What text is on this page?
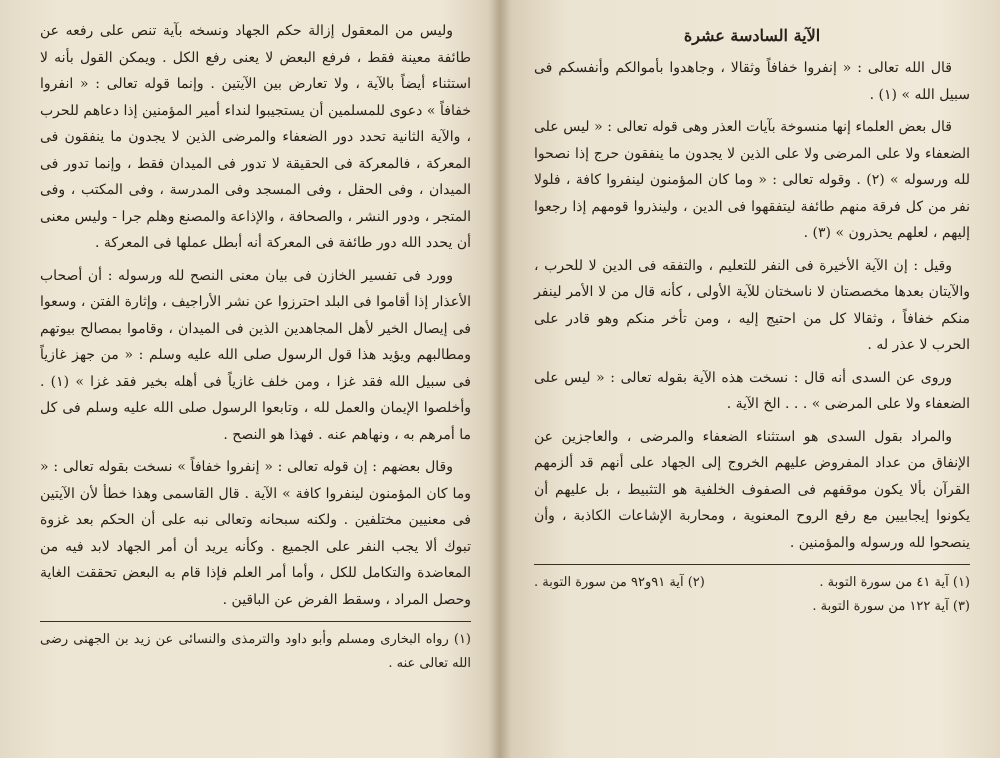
وليس من المعقول إزالة حكم الجهاد ونسخه بآية تنص على رفعه عن طائفة معينة فقط ، فرفع البعض لا يعنى رفع الكل . ويمكن القول بأنه لا استثناء أيضاً بالآية ، ولا تعارض بين الآيتين . وإنما قوله تعالى : « انفروا خفافاً » دعوى للمسلمين أن يستجيبوا لنداء أمير المؤمنين إذا دعاهم للحرب ، والآية الثانية تحدد دور الضعفاء والمرضى الذين لا يجدون ما ينفقون فى المعركة ، فالمعركة فى الحقيقة لا تدور فى الميدان فقط ، وإنما تدور فى الميدان ، وفى الحقل ، وفى المسجد وفى المدرسة ، وفى المكتب ، وفى المتجر ، ودور النشر ، والصحافة ، والإذاعة والمصنع وهلم جرا - وليس معنى أن يحدد الله دور طائفة فى المعركة أنه أبطل عملها فى المعركة .

وورد فى تفسير الخازن فى بيان معنى النصح لله ورسوله : أن أصحاب الأعذار إذا أقاموا فى البلد احترزوا عن نشر الأراجيف ، وإثارة الفتن ، وسعوا فى إيصال الخير لأهل المجاهدين الذين فى الميدان ، وقاموا بمصالح بيوتهم ومطالبهم ويؤيد هذا قول الرسول صلى الله عليه وسلم : « من جهز غازياً فى سبيل الله فقد غزا ، ومن خلف غازياً فى أهله بخير فقد غزا » (١) . وأخلصوا الإيمان والعمل لله ، وتابعوا الرسول صلى الله عليه وسلم فى كل ما أمرهم به ، ونهاهم عنه . فهذا هو النصح .

وقال بعضهم : إن قوله تعالى : « إنفروا خفافاً » نسخت بقوله تعالى : « وما كان المؤمنون لينفروا كافة » الآية . قال القاسمى وهذا خطأ لأن الآيتين فى معنيين مختلفين . ولكنه سبحانه وتعالى نبه على أن الحكم بعد غزوة تبوك ألا يجب النفر على الجميع . وكأنه يريد أن أمر الجهاد لابد فيه من المعاضدة والتكامل للكل ، وأما أمر العلم فإذا قام به البعض تحققت الغاية وحصل المراد ، وسقط الفرض عن الباقين .

(١) رواه البخارى ومسلم وأبو داود والترمذى والنسائى عن زيد بن الجهنى رضى الله تعالى عنه .

الآية السادسة عشرة

قال الله تعالى : « إنفروا خفافاً وثقالا ، وجاهدوا بأموالكم وأنفسكم فى سبيل الله » (١) .

قال بعض العلماء إنها منسوخة بآيات العذر وهى قوله تعالى : « ليس على الضعفاء ولا على المرضى ولا على الذين لا يجدون ما ينفقون حرج إذا نصحوا لله ورسوله » (٢) . وقوله تعالى : « وما كان المؤمنون لينفروا كافة ، فلولا نفر من كل فرقة منهم طائفة ليتفقهوا فى الدين ، ولينذروا قومهم إذا رجعوا إليهم ، لعلهم يحذرون » (٣) .

وقيل : إن الآية الأخيرة فى النفر للتعليم ، والتفقه فى الدين لا للحرب ، والآيتان بعدها مخصصتان لا ناسختان للآية الأولى ، كأنه قال من لا الأمر لينفر منكم خفافاً ، وثقالا كل من احتيج إليه ، ومن تأخر منكم وهو قادر على الحرب لا عذر له .

وروى عن السدى أنه قال : نسخت هذه الآية بقوله تعالى : « ليس على الضعفاء ولا على المرضى » . . . الخ الآية .

والمراد بقول السدى هو استثناء الضعفاء والمرضى ، والعاجزين عن الإنفاق من عداد المفروض عليهم الخروج إلى الجهاد على أنهم قد ألزمهم القرآن بألا يكون موقفهم فى الصفوف الخلفية هو التثبيط ، بل عليهم أن يكونوا إيجابيين مع رفع الروح المعنوية ، ومحاربة الإشاعات الكاذبة ، وأن ينصحوا لله ورسوله والمؤمنين .

(١) آية ٤١ من سورة التوبة .
(٢) آية ٩١و٩٢ من سورة التوبة .

(٣) آية ١٢٢ من سورة التوبة .
